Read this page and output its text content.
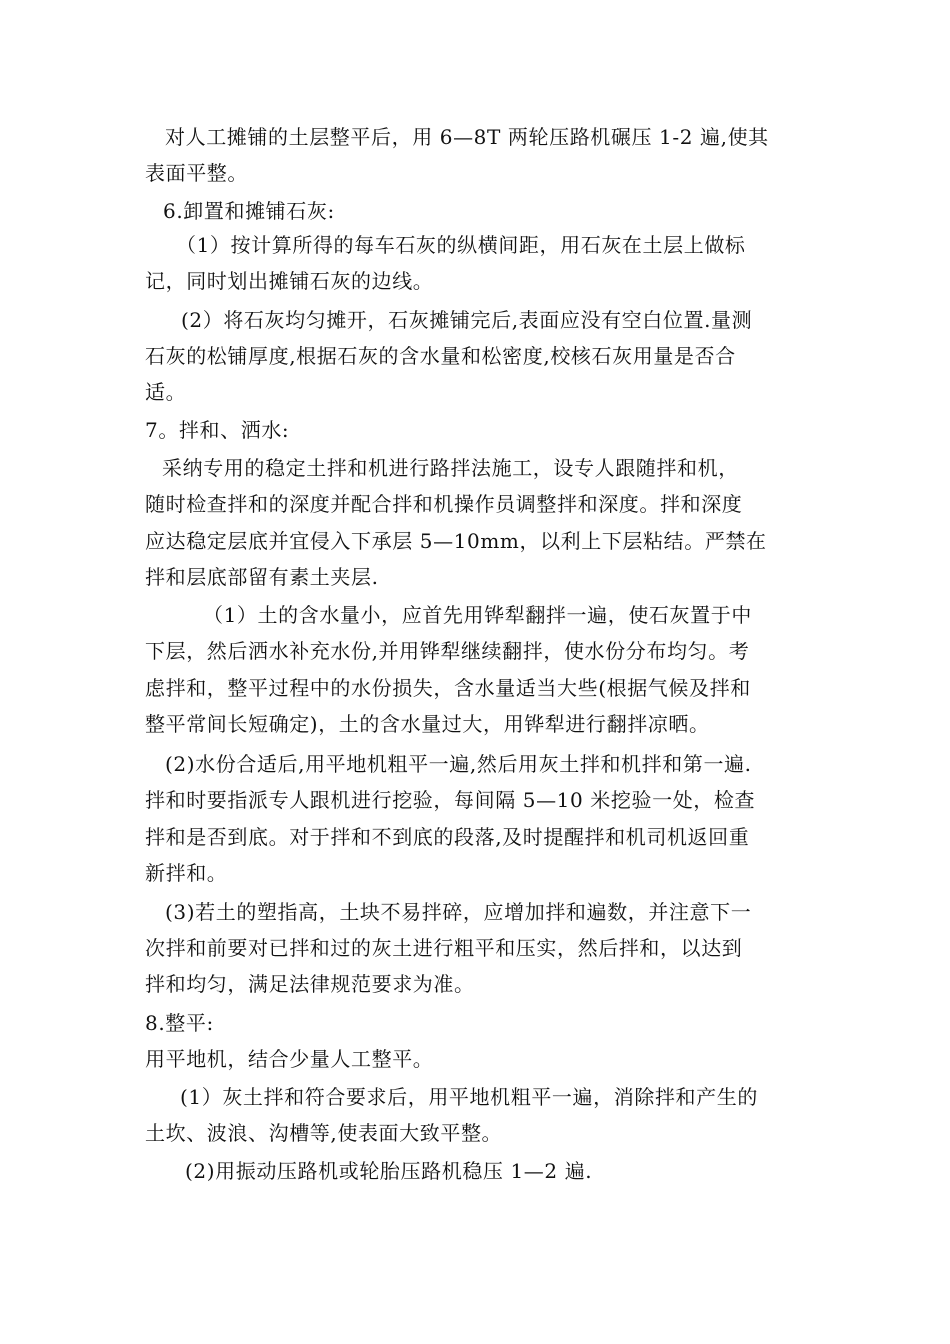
对人工摊铺的土层整平后，用 6—8T 两轮压路机碾压 1-2 遍,使其
表面平整。
6.卸置和摊铺石灰:
（1）按计算所得的每车石灰的纵横间距，用石灰在土层上做标
记，同时划出摊铺石灰的边线。
(2）将石灰均匀摊开，石灰摊铺完后,表面应没有空白位置.量测
石灰的松铺厚度,根据石灰的含水量和松密度,校核石灰用量是否合
适。
7。拌和、洒水:
采纳专用的稳定土拌和机进行路拌法施工，设专人跟随拌和机，
随时检查拌和的深度并配合拌和机操作员调整拌和深度。拌和深度
应达稳定层底并宜侵入下承层 5—10mm，以利上下层粘结。严禁在
拌和层底部留有素土夹层.
（1）土的含水量小，应首先用铧犁翻拌一遍，使石灰置于中
下层，然后洒水补充水份,并用铧犁继续翻拌，使水份分布均匀。考
虑拌和，整平过程中的水份损失，含水量适当大些(根据气候及拌和
整平常间长短确定)，土的含水量过大，用铧犁进行翻拌凉晒。
(2)水份合适后,用平地机粗平一遍,然后用灰土拌和机拌和第一遍.
拌和时要指派专人跟机进行挖验，每间隔 5—10 米挖验一处，检查
拌和是否到底。对于拌和不到底的段落,及时提醒拌和机司机返回重
新拌和。
(3)若土的塑指高，土块不易拌碎，应增加拌和遍数，并注意下一
次拌和前要对已拌和过的灰土进行粗平和压实，然后拌和，以达到
拌和均匀，满足法律规范要求为准。
8.整平:
用平地机，结合少量人工整平。
(1）灰土拌和符合要求后，用平地机粗平一遍，消除拌和产生的
土坎、波浪、沟槽等,使表面大致平整。
(2)用振动压路机或轮胎压路机稳压 1—2 遍.
